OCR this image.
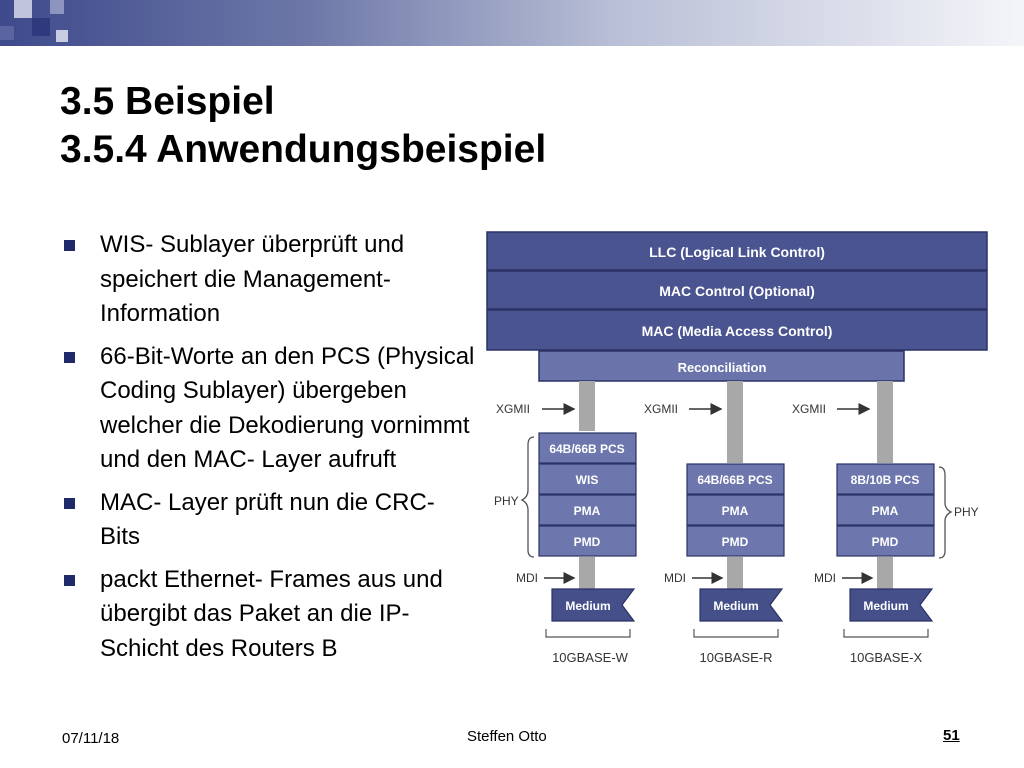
3.5 Beispiel
3.5.4 Anwendungsbeispiel
WIS- Sublayer überprüft und speichert die Management-Information
66-Bit-Worte an den PCS (Physical Coding Sublayer) übergeben welcher die Dekodierung vornimmt und den MAC- Layer aufruft
MAC- Layer prüft nun die CRC- Bits
packt Ethernet- Frames aus und übergibt das Paket an die IP- Schicht des Routers B
LLC (Logical Link Control)
MAC Control (Optional)
MAC (Media Access Control)
Reconciliation
XGMII	XGMII	XGMII
64B/66B PCS
WIS
PMA
PMD
64B/66B PCS
PMA
PMD
8B/10B PCS
PMA
PMD
PHY
PHY
MDI	MDI	MDI
Medium	Medium	Medium
10GBASE-W	10GBASE-R	10GBASE-X
07/11/18	Steffen Otto	51
